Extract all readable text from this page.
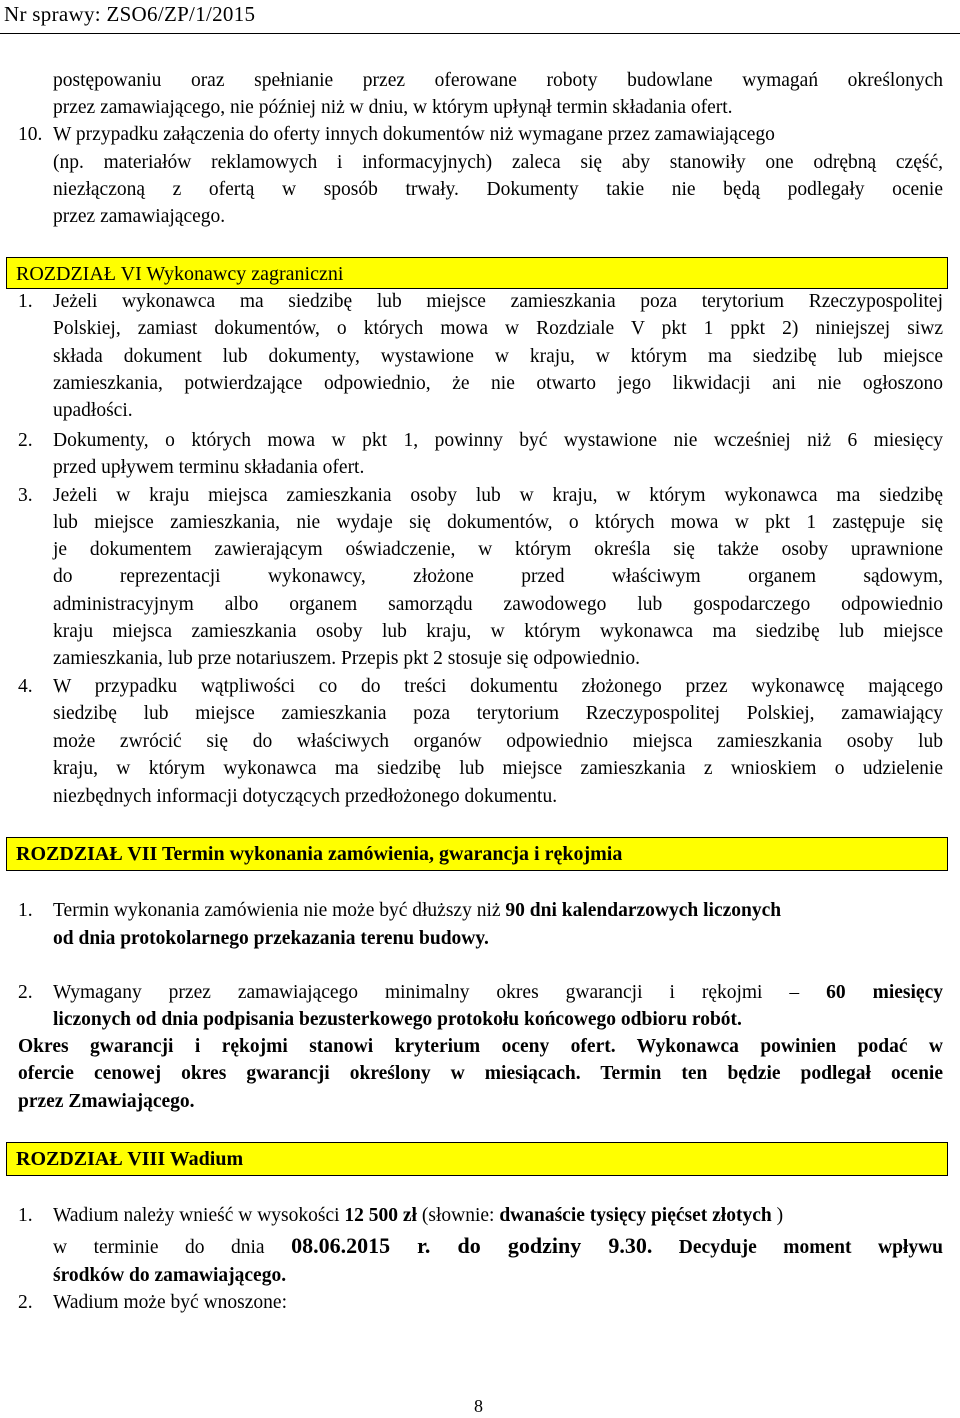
Nr sprawy: ZSO6/ZP/1/2015
postępowaniu oraz spełnianie przez oferowane roboty budowlane wymagań określonych
przez zamawiającego, nie później niż w dniu, w którym upłynął termin składania ofert.
10. W przypadku załączenia do oferty innych dokumentów niż wymagane przez zamawiającego
(np. materiałów reklamowych i informacyjnych) zaleca się aby stanowiły one odrębną część,
niezłączoną z ofertą w sposób trwały. Dokumenty takie nie będą podlegały ocenie
przez zamawiającego.
ROZDZIAŁ VI Wykonawcy zagraniczni
1. Jeżeli wykonawca ma siedzibę lub miejsce zamieszkania poza terytorium Rzeczypospolitej
Polskiej, zamiast dokumentów, o których mowa w Rozdziale V pkt 1 ppkt 2) niniejszej siwz
składa dokument lub dokumenty, wystawione w kraju, w którym ma siedzibę lub miejsce
zamieszkania, potwierdzające odpowiednio, że nie otwarto jego likwidacji ani nie ogłoszono
upadłości.
2. Dokumenty, o których mowa w pkt 1, powinny być wystawione nie wcześniej niż 6 miesięcy
przed upływem terminu składania ofert.
3. Jeżeli w kraju miejsca zamieszkania osoby lub w kraju, w którym wykonawca ma siedzibę
lub miejsce zamieszkania, nie wydaje się dokumentów, o których mowa w pkt 1 zastępuje się
je dokumentem zawierającym oświadczenie, w którym określa się także osoby uprawnione
do reprezentacji wykonawcy, złożone przed właściwym organem sądowym,
administracyjnym albo organem samorządu zawodowego lub gospodarczego odpowiednio
kraju miejsca zamieszkania osoby lub kraju, w którym wykonawca ma siedzibę lub miejsce
zamieszkania, lub prze notariuszem. Przepis pkt 2 stosuje się odpowiednio.
4. W przypadku wątpliwości co do treści dokumentu złożonego przez wykonawcę mającego
siedzibę lub miejsce zamieszkania poza terytorium Rzeczypospolitej Polskiej, zamawiający
może zwrócić się do właściwych organów odpowiednio miejsca zamieszkania osoby lub
kraju, w którym wykonawca ma siedzibę lub miejsce zamieszkania z wnioskiem o udzielenie
niezbędnych informacji dotyczących przedłożonego dokumentu.
ROZDZIAŁ VII Termin wykonania zamówienia, gwarancja i rękojmia
1. Termin wykonania zamówienia nie może być dłuższy niż 90 dni kalendarzowych liczonych
od dnia protokolarnego przekazania terenu budowy.
2. Wymagany przez zamawiającego minimalny okres gwarancji i rękojmi – 60 miesięcy
liczonych od dnia podpisania bezusterkowego protokołu końcowego odbioru robót.
Okres gwarancji i rękojmi stanowi kryterium oceny ofert. Wykonawca powinien podać w
ofercie cenowej okres gwarancji określony w miesiącach. Termin ten będzie podlegał ocenie
przez Zmawiającego.
ROZDZIAŁ VIII Wadium
1. Wadium należy wnieść w wysokości 12 500 zł (słownie: dwanaście tysięcy pięćset złotych )
w terminie do dnia 08.06.2015 r. do godziny 9.30. Decyduje moment wpływu
środków do zamawiającego.
2. Wadium może być wnoszone:
8
